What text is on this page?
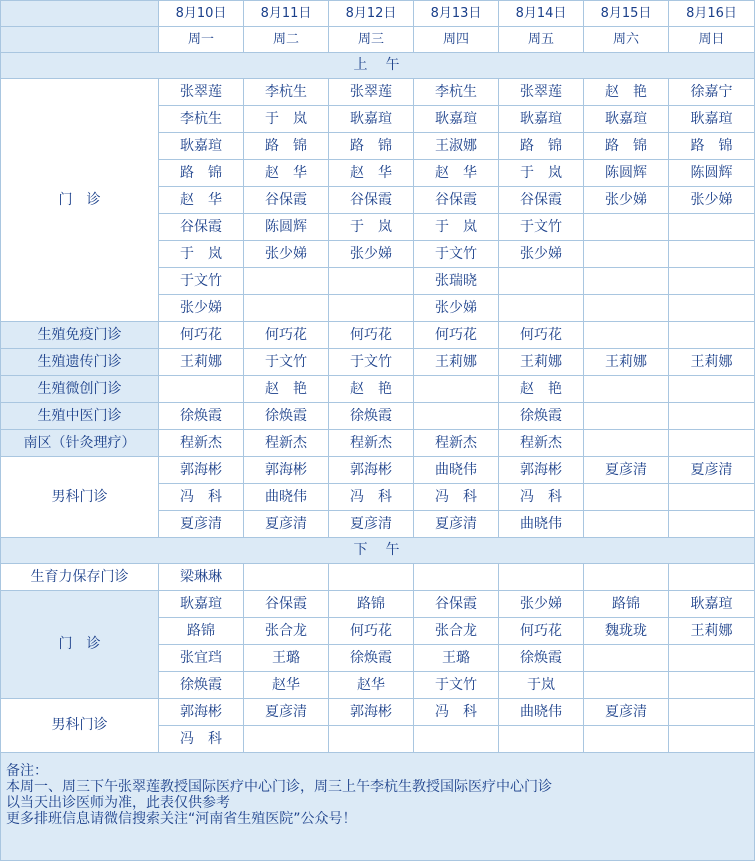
	8月10日	8月11日	8月12日	8月13日	8月14日	8月15日	8月16日
	周一	周二	周三	周四	周五	周六	周日
上　午							
门　诊	张翠莲	李杭生	张翠莲	李杭生	张翠莲	赵　艳	徐嘉宁
	李杭生	于　岚	耿嘉瑄	耿嘉瑄	耿嘉瑄	耿嘉瑄	耿嘉瑄
	耿嘉瑄	路　锦	路　锦	王淑娜	路　锦	路　锦	路　锦
	路　锦	赵　华	赵　华	赵　华	于　岚	陈圆辉	陈圆辉
	赵　华	谷保霞	谷保霞	谷保霞	谷保霞	张少娣	张少娣
	谷保霞	陈圆辉	于　岚	于　岚	于文竹		
	于　岚	张少娣	张少娣	于文竹	张少娣		
	于文竹			张瑞晓			
	张少娣			张少娣			
生殖免疫门诊	何巧花	何巧花	何巧花	何巧花	何巧花		
生殖遗传门诊	王莉娜	于文竹	于文竹	王莉娜	王莉娜	王莉娜	王莉娜
生殖微创门诊		赵　艳	赵　艳		赵　艳		
生殖中医门诊	徐焕霞	徐焕霞	徐焕霞		徐焕霞		
南区（针灸理疗）	程新杰	程新杰	程新杰	程新杰	程新杰		
男科门诊	郭海彬	郭海彬	郭海彬	曲晓伟	郭海彬	夏彦清	夏彦清
	冯　科	曲晓伟	冯　科	冯　科	冯　科		
	夏彦清	夏彦清	夏彦清	夏彦清	曲晓伟		
下　午							
生育力保存门诊	梁琳琳						
门　诊	耿嘉瑄	谷保霞	路锦	谷保霞	张少娣	路锦	耿嘉瑄
	路锦	张合龙	何巧花	张合龙	何巧花	魏珑珑	王莉娜
	张宜珰	王璐	徐焕霞	王璐	徐焕霞		
	徐焕霞	赵华	赵华	于文竹	于岚		
男科门诊	郭海彬	夏彦清	郭海彬	冯　科	曲晓伟	夏彦清	
	冯　科						

备注：
本周一、周三下午张翠莲教授国际医疗中心门诊，周三上午李杭生教授国际医疗中心门诊
以当天出诊医师为准，此表仅供参考
更多排班信息请微信搜索关注“河南省生殖医院”公众号！							
